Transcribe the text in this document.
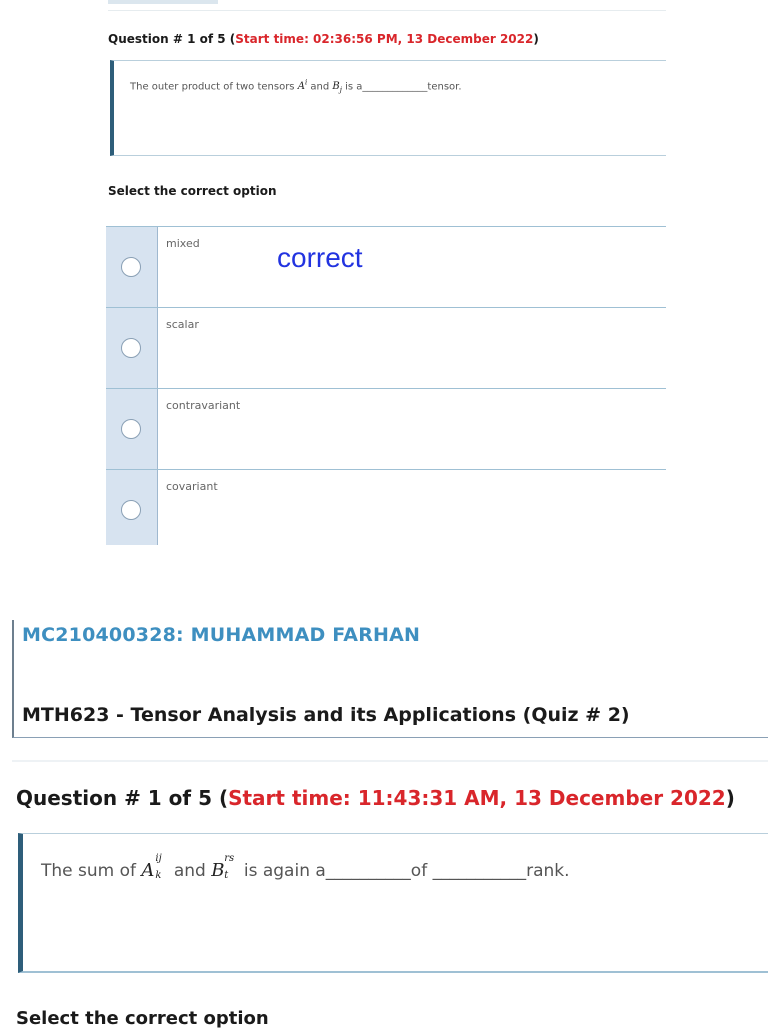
Question # 1 of 5 (Start time: 02:36:56 PM, 13 December 2022)
The outer product of two tensors $A^i$ and $B_j$ is a_____________tensor.
Select the correct option
mixed
scalar
contravariant
covariant
correct
MC210400328: MUHAMMAD FARHAN
MTH623 - Tensor Analysis and its Applications (Quiz # 2)
Question # 1 of 5 (Start time: 11:43:31 AM, 13 December 2022)
The sum of A
ij
k and B
rs
t is again a__________of ___________rank.
Select the correct option
